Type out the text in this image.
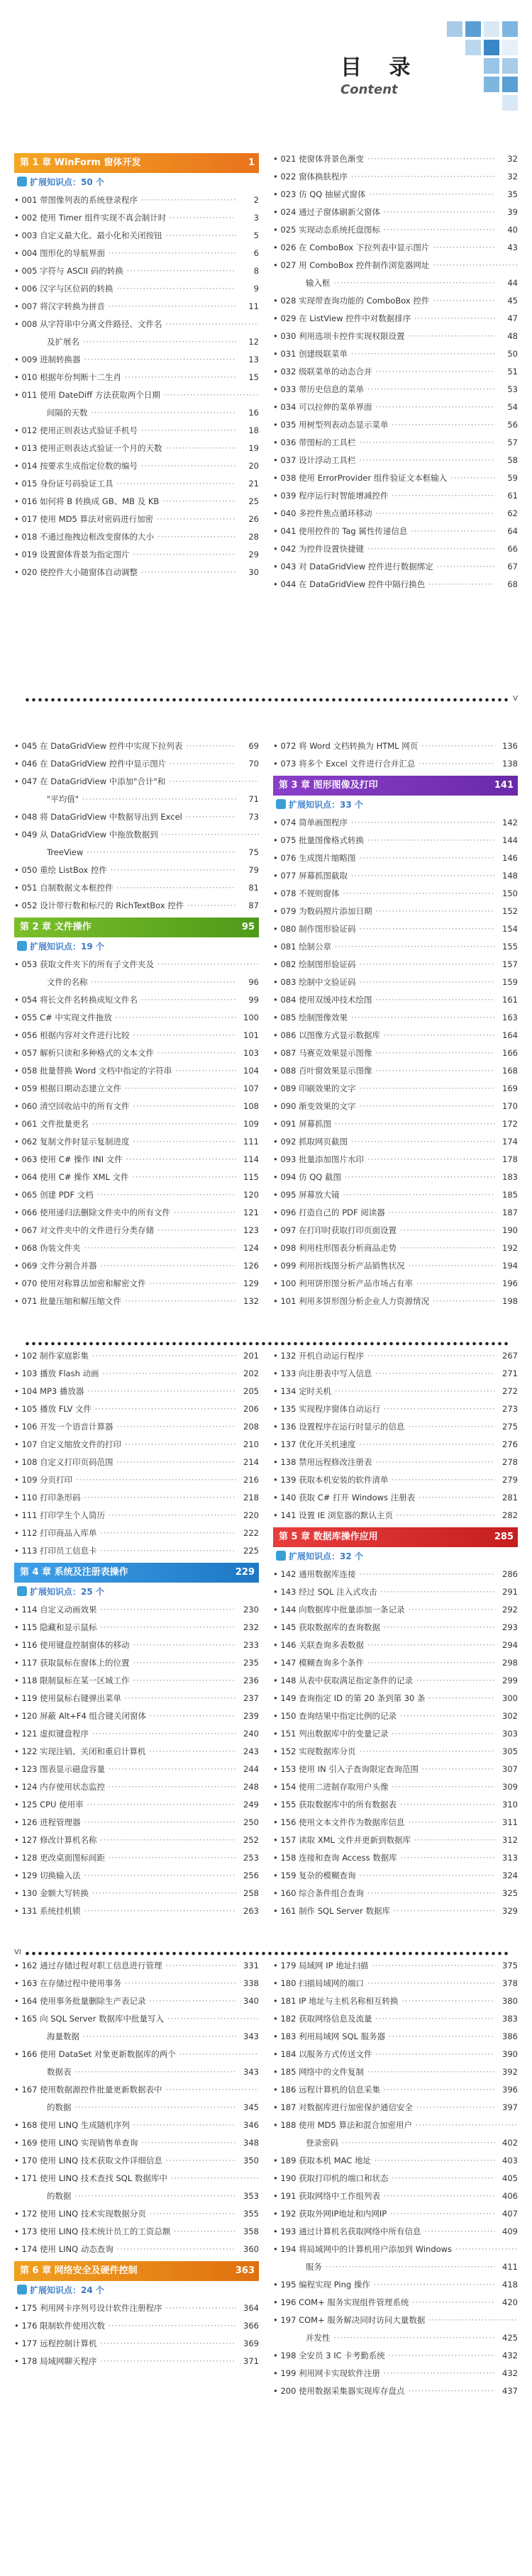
目 录
Content
第 1 章 WinForm 窗体开发	1
扩展知识点：50 个
• 001 带图像列表的系统登录程序 ·····	2
• 002 使用 Timer 组件实现不真会制计时 ·····	3
• 003 自定义最大化、最小化和关闭按钮 ·····	5
• 004 图形化的导航界面 ·····	6
• 005 字符与 ASCII 码的转换 ·····	8
• 006 汉字与区位码的转换 ·····	9
• 007 将汉字转换为拼音 ·····	11
• 008 从字符串中分离文件路径、文件名 ·····
及扩展名 ·····	12
• 009 进制转换器 ·····	13
• 010 根据年份判断十二生肖 ·····	15
• 011 使用 DateDiff 方法获取两个日期 ·····
间隔的天数 ·····	16
• 012 使用正则表达式验证手机号 ·····	18
• 013 使用正则表达式验证一个月的天数 ·····	19
• 014 按要求生成指定位数的编号 ·····	20
• 015 身份证号码验证工具 ·····	21
• 016 如何将 B 转换成 GB、MB 及 KB ·····	25
• 017 使用 MD5 算法对密码进行加密 ·····	26
• 018 不通过拖拽边框改变窗体的大小 ·····	28
• 019 设置窗体背景为指定图片 ·····	29
• 020 使控件大小随窗体自动调整 ·····	30
• 021 使窗体背景色渐变 ·····	32
• 022 窗体换肤程序 ·····	32
• 023 仿 QQ 抽屉式窗体 ·····	35
• 024 通过子窗体刷新父窗体 ·····	39
• 025 实现动态系统托盘图标 ·····	40
• 026 在 ComboBox 下拉列表中显示图片 ·····	43
• 027 用 ComboBox 控件制作浏览器网址 ·····
输入框 ·····	44
• 028 实现带查询功能的 ComboBox 控件 ·····	45
• 029 在 ListView 控件中对数据排序 ·····	47
• 030 利用选项卡控件实现权限设置 ·····	48
• 031 创建级联菜单 ·····	50
• 032 级联菜单的动态合并 ·····	51
• 033 带历史信息的菜单 ·····	53
• 034 可以拉伸的菜单界面 ·····	54
• 035 用树型列表动态显示菜单 ·····	56
• 036 带图标的工具栏 ·····	57
• 037 设计浮动工具栏 ·····	58
• 038 使用 ErrorProvider 组件验证文本框输入 ·····	59
• 039 程序运行时智能增减控件 ·····	61
• 040 多控件焦点循环移动 ·····	62
• 041 使用控件的 Tag 属性传递信息 ·····	64
• 042 为控件设置快捷键 ·····	66
• 043 对 DataGridView 控件进行数据绑定 ·····	67
• 044 在 DataGridView 控件中隔行换色 ·····	68
V
• 045 在 DataGridView 控件中实现下拉列表 ·····	69
• 046 在 DataGridView 控件中显示图片 ·····	70
• 047 在 DataGridView 中添加"合计"和 ·····
"平均值" ·····	71
• 048 将 DataGridView 中数据导出到 Excel ·····	73
• 049 从 DataGridView 中拖放数据到 ·····
TreeView ·····	75
• 050 重绘 ListBox 控件 ·····	79
• 051 自制数据文本框控件 ·····	81
• 052 设计带行数和标尺的 RichTextBox 控件 ·····	87
第 2 章 文件操作	95
扩展知识点：19 个
• 053 获取文件夹下的所有子文件夹及 ·····
文件的名称 ·····	96
• 054 将长文件名转换成短文件名 ·····	99
• 055 C# 中实现文件拖放 ·····	100
• 056 根据内容对文件进行比较 ·····	101
• 057 解析只读和多种格式的文本文件 ·····	103
• 058 批量替换 Word 文档中指定的字符串 ·····	104
• 059 根据日期动态建立文件 ·····	107
• 060 清空回收站中的所有文件 ·····	108
• 061 文件批量更名 ·····	109
• 062 复制文件时显示复制进度 ·····	111
• 063 使用 C# 操作 INI 文件 ·····	114
• 064 使用 C# 操作 XML 文件 ·····	115
• 065 创建 PDF 文档 ·····	120
• 066 使用递归法删除文件夹中的所有文件 ·····	121
• 067 对文件夹中的文件进行分类存储 ·····	123
• 068 伪装文件夹 ·····	124
• 069 文件分割合并器 ·····	126
• 070 使用对称算法加密和解密文件 ·····	129
• 071 批量压缩和解压缩文件 ·····	132
• 072 将 Word 文档转换为 HTML 网页 ·····	136
• 073 将多个 Excel 文件进行合并汇总 ·····	138
第 3 章 图形图像及打印	141
扩展知识点：33 个
• 074 简单画图程序 ·····	142
• 075 批量图像格式转换 ·····	144
• 076 生成图片缩略图 ·····	146
• 077 屏幕抓图截取 ·····	148
• 078 不规则窗体 ·····	150
• 079 为数码照片添加日期 ·····	152
• 080 制作图形验证码 ·····	154
• 081 绘制公章 ·····	155
• 082 绘制图形验证码 ·····	157
• 083 绘制中文验证码 ·····	159
• 084 使用双缓冲技术绘图 ·····	161
• 085 绘制图像效果 ·····	163
• 086 以图像方式显示数据库 ·····	164
• 087 马赛克效果显示图像 ·····	166
• 088 百叶窗效果显示图像 ·····	168
• 089 印刷效果的文字 ·····	169
• 090 渐变效果的文字 ·····	170
• 091 屏幕抓图 ·····	172
• 092 抓取网页截图 ·····	174
• 093 批量添加图片水印 ·····	178
• 094 仿 QQ 截图 ·····	183
• 095 屏幕放大镜 ·····	185
• 096 打造自己的 PDF 阅读器 ·····	187
• 097 在打印时获取打印页面设置 ·····	190
• 098 利用柱形图表分析商品走势 ·····	192
• 099 利用折线图分析产品销售状况 ·····	194
• 100 利用饼形图分析产品市场占有率 ·····	196
• 101 利用多饼形图分析企业人力资源情况 ·····	198
• 102 制作家庭影集 ·····	201
• 103 播放 Flash 动画 ·····	202
• 104 MP3 播放器 ·····	205
• 105 播放 FLV 文件 ·····	206
• 106 开发一个语音计算器 ·····	208
• 107 自定义缩放文件的打印 ·····	210
• 108 自定义打印页码范围 ·····	214
• 109 分页打印 ·····	216
• 110 打印条形码 ·····	218
• 111 打印学生个人简历 ·····	220
• 112 打印商品入库单 ·····	222
• 113 打印员工信息卡 ·····	225
第 4 章 系统及注册表操作	229
扩展知识点：25 个
• 114 自定义动画效果 ·····	230
• 115 隐藏和显示鼠标 ·····	232
• 116 使用键盘控制窗体的移动 ·····	233
• 117 获取鼠标在窗体上的位置 ·····	235
• 118 限制鼠标在某一区域工作 ·····	236
• 119 使用鼠标右键弹出菜单 ·····	237
• 120 屏蔽 Alt+F4 组合键关闭窗体 ·····	239
• 121 虚拟键盘程序 ·····	240
• 122 实现注销、关闭和重启计算机 ·····	243
• 123 图表显示磁盘容量 ·····	244
• 124 内存使用状态监控 ·····	248
• 125 CPU 使用率 ·····	249
• 126 进程管理器 ·····	250
• 127 修改计算机名称 ·····	252
• 128 更改桌面图标间距 ·····	253
• 129 切换输入法 ·····	256
• 130 金额大写转换 ·····	258
• 131 系统挂机锁 ·····	263
• 132 开机自动运行程序 ·····	267
• 133 向注册表中写入信息 ·····	271
• 134 定时关机 ·····	272
• 135 实现程序窗体自动运行 ·····	273
• 136 设置程序在运行时显示的信息 ·····	275
• 137 优化开关机速度 ·····	276
• 138 禁用远程修改注册表 ·····	278
• 139 获取本机安装的软件清单 ·····	279
• 140 获取 C# 打开 Windows 注册表 ·····	281
• 141 设置 IE 浏览器的默认主页 ·····	282
第 5 章 数据库操作应用	285
扩展知识点：32 个
• 142 通用数据库连接 ·····	286
• 143 经过 SQL 注入式攻击 ·····	291
• 144 向数据库中批量添加一条记录 ·····	292
• 145 获取数据库的查询数据 ·····	293
• 146 关联查询多表数据 ·····	294
• 147 模糊查询多个条件 ·····	298
• 148 从表中获取满足指定条件的记录 ·····	299
• 149 查询指定 ID 的第 20 条到第 30 条 ·····	300
• 150 查询结果中指定比例的记录 ·····	302
• 151 列出数据库中的变量记录 ·····	303
• 152 实现数据库分页 ·····	305
• 153 使用 IN 引入子查询限定查询范围 ·····	307
• 154 使用二进制存取用户头像 ·····	309
• 155 获取数据库中的所有数据表 ·····	310
• 156 使用文本文件作为数据库信息 ·····	311
• 157 读取 XML 文件并更新到数据库 ·····	312
• 158 连接和查询 Access 数据库 ·····	313
• 159 复杂的模糊查询 ·····	324
• 160 综合条件组合查询 ·····	325
• 161 制作 SQL Server 数据库 ·····	329
VI
• 162 通过存储过程对职工信息进行管理 ·····	331
• 163 在存储过程中使用事务 ·····	338
• 164 使用事务批量删除生产表记录 ·····	340
• 165 向 SQL Server 数据库中批量写入 ·····
海量数据 ·····	343
• 166 使用 DataSet 对象更新数据库的两个 ·····
数据表 ·····	343
• 167 使用数据源控件批量更新数据表中 ·····
的数据 ·····	345
• 168 使用 LINQ 生成随机序列 ·····	346
• 169 使用 LINQ 实现销售单查询 ·····	348
• 170 使用 LINQ 技术获取文件详细信息 ·····	350
• 171 使用 LINQ 技术查找 SQL 数据库中 ·····
的数据 ·····	353
• 172 使用 LINQ 技术实现数据分页 ·····	355
• 173 使用 LINQ 技术统计员工的工资总额 ·····	358
• 174 使用 LINQ 动态查询 ·····	360
第 6 章 网络安全及硬件控制	363
扩展知识点：24 个
• 175 利用网卡序列号设计软件注册程序 ·····	364
• 176 限制软件使用次数 ·····	366
• 177 远程控制计算机 ·····	369
• 178 局域网聊天程序 ·····	371
• 179 局域网 IP 地址扫描 ·····	375
• 180 扫描局域网的端口 ·····	378
• 181 IP 地址与主机名称相互转换 ·····	380
• 182 获取网络信息及流量 ·····	383
• 183 利用局域网 SQL 服务器 ·····	386
• 184 以服务方式传送文件 ·····	390
• 185 网络中的文件复制 ·····	392
• 186 远程计算机的信息采集 ·····	396
• 187 对数据库进行加密保护通信安全 ·····	397
• 188 使用 MD5 算法和混合加密用户 ·····
登录密码 ·····	402
• 189 获取本机 MAC 地址 ·····	403
• 190 获取打印机的端口和状态 ·····	405
• 191 获取网络中工作组列表 ·····	406
• 192 获取外网IP地址和内网IP ·····	407
• 193 通过计算机名获取网络中所有信息 ·····	409
• 194 将局域网中的计算机用户添加到 Windows ·····
服务 ·····	411
• 195 编程实现 Ping 操作 ·····	418
• 196 COM+ 服务实现组件管理系统 ·····	420
• 197 COM+ 服务解决同时访问大量数据 ·····
并发性 ·····	425
• 198 全安员 3 IC 卡考勤系统 ·····	432
• 199 利用网卡实现软件注册 ·····	432
• 200 使用数据采集器实现库存盘点 ·····	437
